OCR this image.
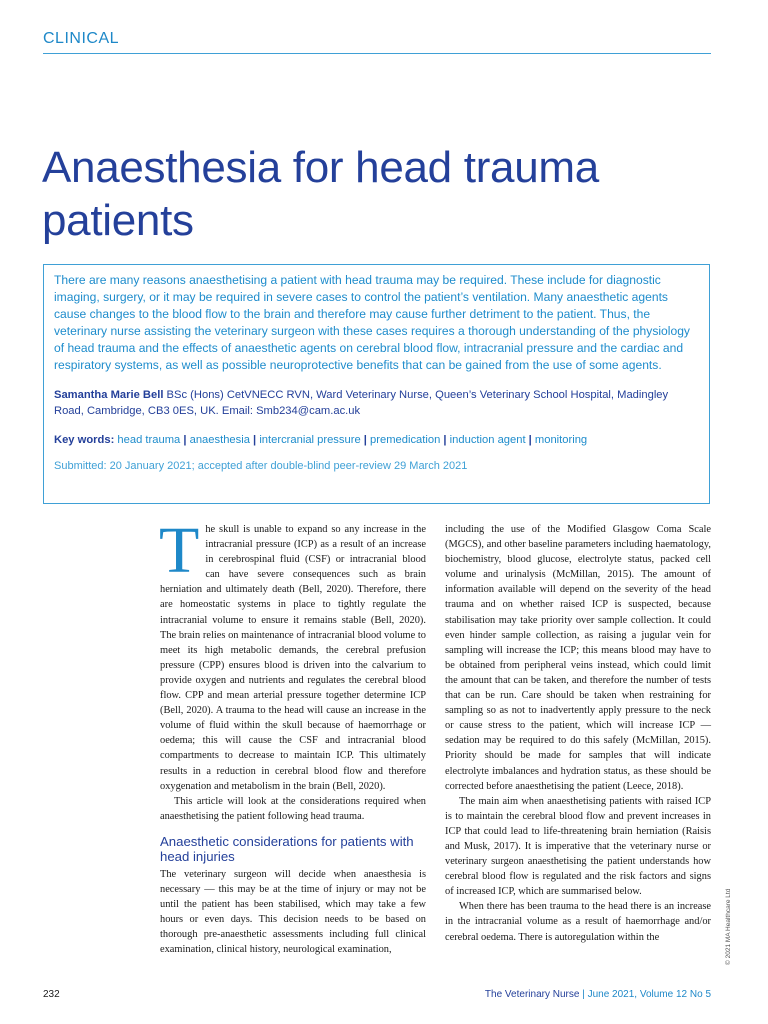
CLINICAL
Anaesthesia for head trauma patients

There are many reasons anaesthetising a patient with head trauma may be required. These include for diagnostic imaging, surgery, or it may be required in severe cases to control the patient’s ventilation. Many anaesthetic agents cause changes to the blood flow to the brain and therefore may cause further detriment to the patient. Thus, the veterinary nurse assisting the veterinary surgeon with these cases requires a thorough understanding of the physiology of head trauma and the effects of anaesthetic agents on cerebral blood flow, intracranial pressure and the cardiac and respiratory systems, as well as possible neuroprotective benefits that can be gained from the use of some agents.

Samantha Marie Bell BSc (Hons) CetVNECC RVN, Ward Veterinary Nurse, Queen’s Veterinary School Hospital, Madingley Road, Cambridge, CB3 0ES, UK. Email: Smb234@cam.ac.uk

Key words: head trauma | anaesthesia | intercranial pressure | premedication | induction agent | monitoring

Submitted: 20 January 2021; accepted after double-blind peer-review 29 March 2021

The skull is unable to expand so any increase in the intracranial pressure (ICP) as a result of an increase in cerebrospinal fluid (CSF) or intracranial blood can have severe consequences such as brain herniation and ultimately death (Bell, 2020). Therefore, there are homeostatic systems in place to tightly regulate the intracranial volume to ensure it remains stable (Bell, 2020). The brain relies on maintenance of intracranial blood volume to meet its high metabolic demands, the cerebral prefusion pressure (CPP) ensures blood is driven into the calvarium to provide oxygen and nutrients and regulates the cerebral blood flow. CPP and mean arterial pressure together determine ICP (Bell, 2020). A trauma to the head will cause an increase in the volume of fluid within the skull because of haemorrhage or oedema; this will cause the CSF and intracranial blood compartments to decrease to maintain ICP. This ultimately results in a reduction in cerebral blood flow and therefore oxygenation and metabolism in the brain (Bell, 2020).

This article will look at the considerations required when anaesthetising the patient following head trauma.

Anaesthetic considerations for patients with head injuries

The veterinary surgeon will decide when anaesthesia is necessary — this may be at the time of injury or may not be until the patient has been stabilised, which may take a few hours or even days. This decision needs to be based on thorough pre-anaesthetic assessments including full clinical examination, clinical history, neurological examination,

including the use of the Modified Glasgow Coma Scale (MGCS), and other baseline parameters including haematology, biochemistry, blood glucose, electrolyte status, packed cell volume and urinalysis (McMillan, 2015). The amount of information available will depend on the severity of the head trauma and on whether raised ICP is suspected, because stabilisation may take priority over sample collection. It could even hinder sample collection, as raising a jugular vein for sampling will increase the ICP; this means blood may have to be obtained from peripheral veins instead, which could limit the amount that can be taken, and therefore the number of tests that can be run. Care should be taken when restraining for sampling so as not to inadvertently apply pressure to the neck or cause stress to the patient, which will increase ICP — sedation may be required to do this safely (McMillan, 2015). Priority should be made for samples that will indicate electrolyte imbalances and hydration status, as these should be corrected before anaesthetising the patient (Leece, 2018).

The main aim when anaesthetising patients with raised ICP is to maintain the cerebral blood flow and prevent increases in ICP that could lead to life-threatening brain herniation (Raisis and Musk, 2017). It is imperative that the veterinary nurse or veterinary surgeon anaesthetising the patient understands how cerebral blood flow is regulated and the risk factors and signs of increased ICP, which are summarised below.

When there has been trauma to the head there is an increase in the intracranial volume as a result of haemorrhage and/or cerebral oedema. There is autoregulation within the	© 2021 MA Healthcare Ltd
232	The Veterinary Nurse | June 2021, Volume 12 No 5
